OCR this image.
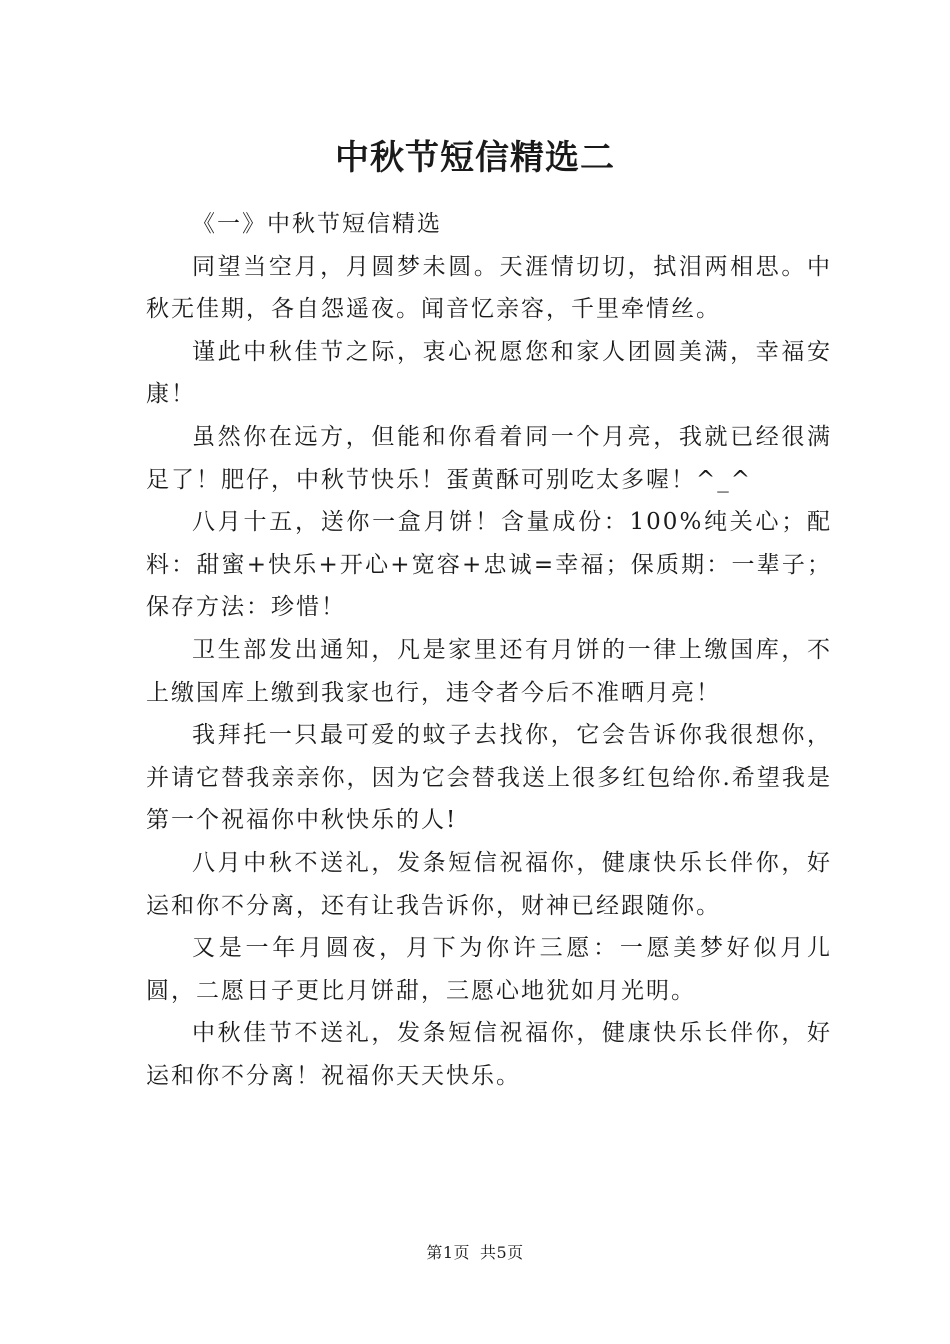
中秋节短信精选二

《一》中秋节短信精选

同望当空月，月圆梦未圆。天涯情切切，拭泪两相思。中秋无佳期，各自怨遥夜。闻音忆亲容，千里牵情丝。

谨此中秋佳节之际，衷心祝愿您和家人团圆美满，幸福安康！

虽然你在远方，但能和你看着同一个月亮，我就已经很满足了！肥仔，中秋节快乐！蛋黄酥可别吃太多喔！^_^

八月十五，送你一盒月饼！含量成份：100%纯关心；配料：甜蜜+快乐+开心+宽容+忠诚=幸福；保质期：一辈子；保存方法：珍惜！

卫生部发出通知，凡是家里还有月饼的一律上缴国库，不上缴国库上缴到我家也行，违令者今后不准晒月亮！

我拜托一只最可爱的蚊子去找你，它会告诉你我很想你，并请它替我亲亲你，因为它会替我送上很多红包给你.希望我是第一个祝福你中秋快乐的人!

八月中秋不送礼，发条短信祝福你，健康快乐长伴你，好运和你不分离，还有让我告诉你，财神已经跟随你。

又是一年月圆夜，月下为你许三愿：一愿美梦好似月儿圆，二愿日子更比月饼甜，三愿心地犹如月光明。

中秋佳节不送礼，发条短信祝福你，健康快乐长伴你，好运和你不分离！祝福你天天快乐。

第1页 共5页
